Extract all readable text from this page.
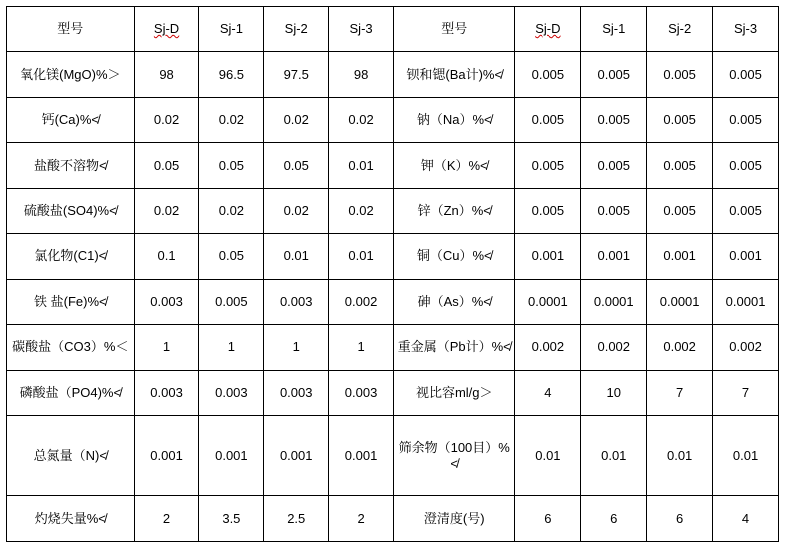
型号	Sj-D	Sj-1	Sj-2	Sj-3	型号	Sj-D	Sj-1	Sj-2	Sj-3
氧化镁(MgO)%＞	98	96.5	97.5	98	钡和锶(Ba计)%≮	0.005	0.005	0.005	0.005
钙(Ca)%≮	0.02	0.02	0.02	0.02	钠（Na）%≮	0.005	0.005	0.005	0.005
盐酸不溶物≮	0.05	0.05	0.05	0.01	钾（K）%≮	0.005	0.005	0.005	0.005
硫酸盐(SO4)%≮	0.02	0.02	0.02	0.02	锌（Zn）%≮	0.005	0.005	0.005	0.005
氯化物(C1)≮	0.1	0.05	0.01	0.01	铜（Cu）%≮	0.001	0.001	0.001	0.001
铁 盐(Fe)%≮	0.003	0.005	0.003	0.002	砷（As）%≮	0.0001	0.0001	0.0001	0.0001
碳酸盐（CO3）%＜	1	1	1	1	重金属（Pb计）%≮	0.002	0.002	0.002	0.002
磷酸盐（PO4)%≮	0.003	0.003	0.003	0.003	视比容ml/g＞	4	10	7	7
总氮量（N)≮	0.001	0.001	0.001	0.001	筛余物（100目）%≮	0.01	0.01	0.01	0.01
灼烧失量%≮	2	3.5	2.5	2	澄清度(号)	6	6	6	4
